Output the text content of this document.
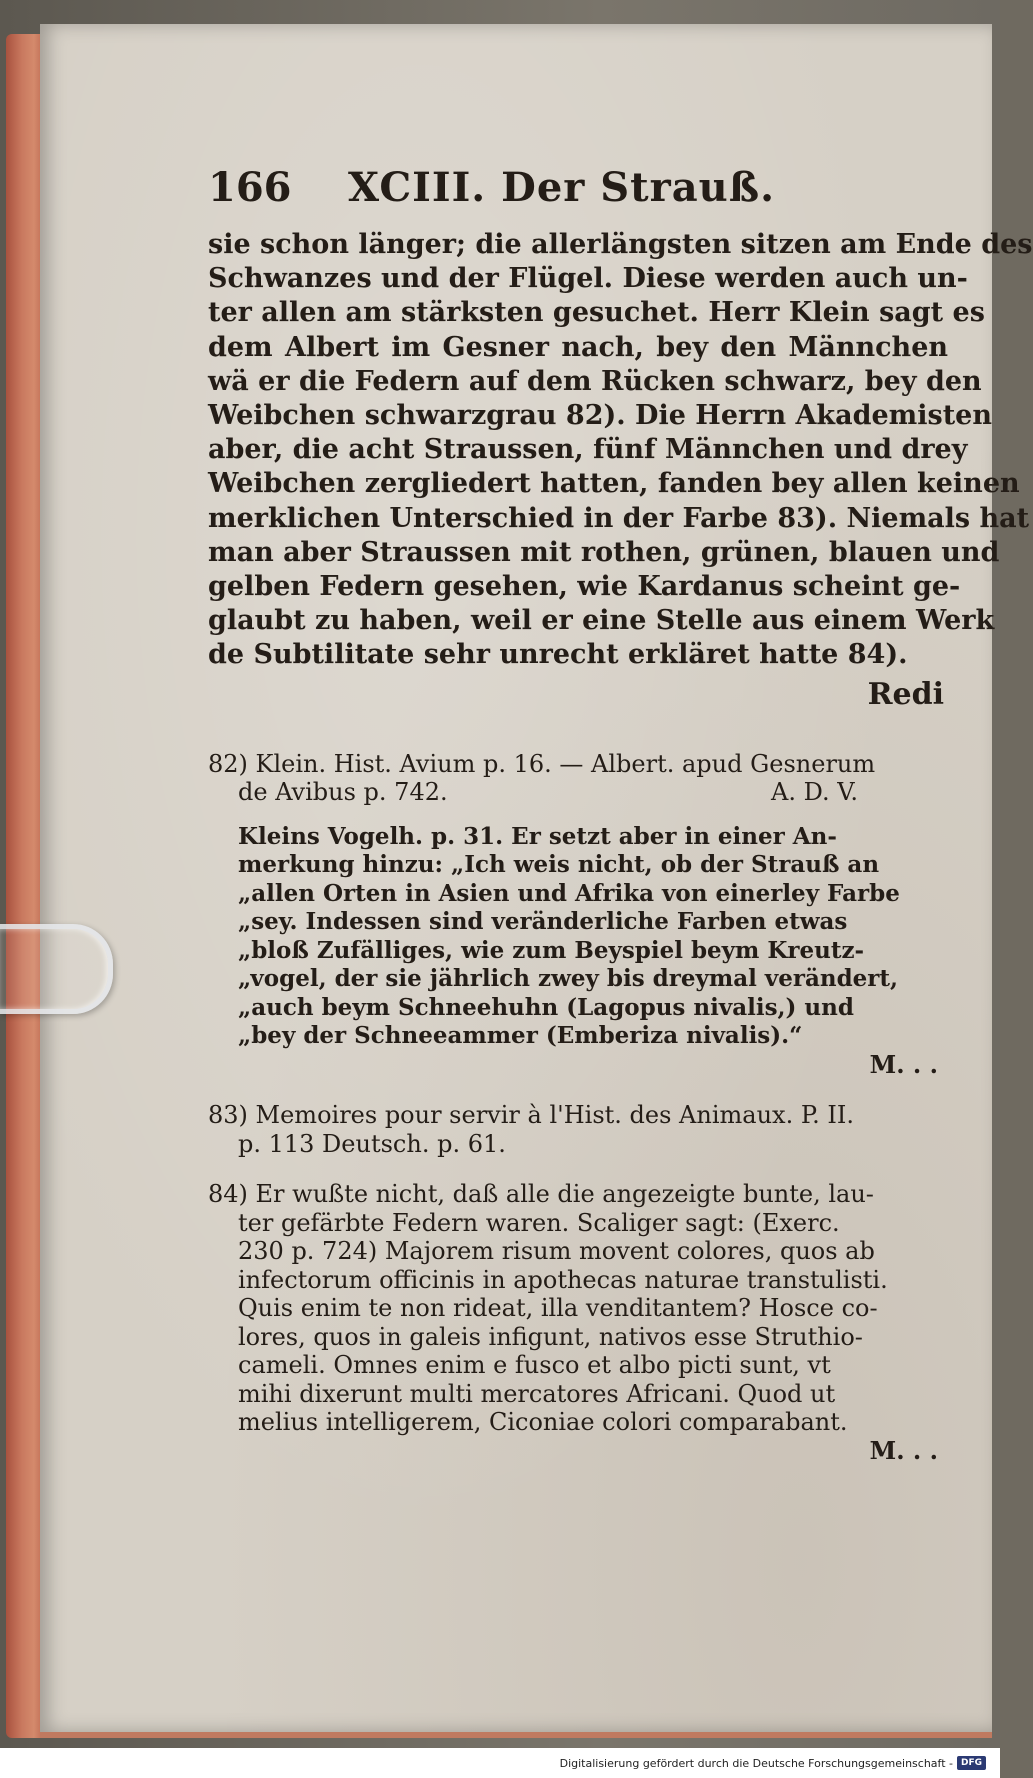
166	XCIII. Der Strauß.
sie schon länger; die allerlängsten sitzen am Ende des
Schwanzes und der Flügel. Diese werden auch un-
ter allen am stärksten gesuchet. Herr Klein sagt es
dem Albert im Gesner nach, bey den Männchen
wä er die Federn auf dem Rücken schwarz, bey den
Weibchen schwarzgrau 82). Die Herrn Akademisten
aber, die acht Straussen, fünf Männchen und drey
Weibchen zergliedert hatten, fanden bey allen keinen
merklichen Unterschied in der Farbe 83). Niemals hat
man aber Straussen mit rothen, grünen, blauen und
gelben Federn gesehen, wie Kardanus scheint ge-
glaubt zu haben, weil er eine Stelle aus einem Werk
de Subtilitate sehr unrecht erkläret hatte 84).
Redi
82) Klein. Hist. Avium p. 16. — Albert. apud Gesnerum
de Avibus p. 742.	A. D. V.
Kleins Vogelh. p. 31. Er setzt aber in einer An-
merkung hinzu: „Ich weis nicht, ob der Strauß an
„allen Orten in Asien und Afrika von einerley Farbe
„sey. Indessen sind veränderliche Farben etwas
„bloß Zufälliges, wie zum Beyspiel beym Kreutz-
„vogel, der sie jährlich zwey bis dreymal verändert,
„auch beym Schneehuhn (Lagopus nivalis,) und
„bey der Schneeammer (Emberiza nivalis).“
M. . .
83) Memoires pour servir à l'Hist. des Animaux. P. II.
p. 113 Deutsch. p. 61.
84) Er wußte nicht, daß alle die angezeigte bunte, lau-
ter gefärbte Federn waren. Scaliger sagt: (Exerc.
230 p. 724) Majorem risum movent colores, quos ab
infectorum officinis in apothecas naturae transtulisti.
Quis enim te non rideat, illa venditantem? Hosce co-
lores, quos in galeis infigunt, nativos esse Struthio-
cameli. Omnes enim e fusco et albo picti sunt, vt
mihi dixerunt multi mercatores Africani. Quod ut
melius intelligerem, Ciconiae colori comparabant.
M. . .
Digitalisierung gefördert durch die Deutsche Forschungsgemeinschaft - DFG
